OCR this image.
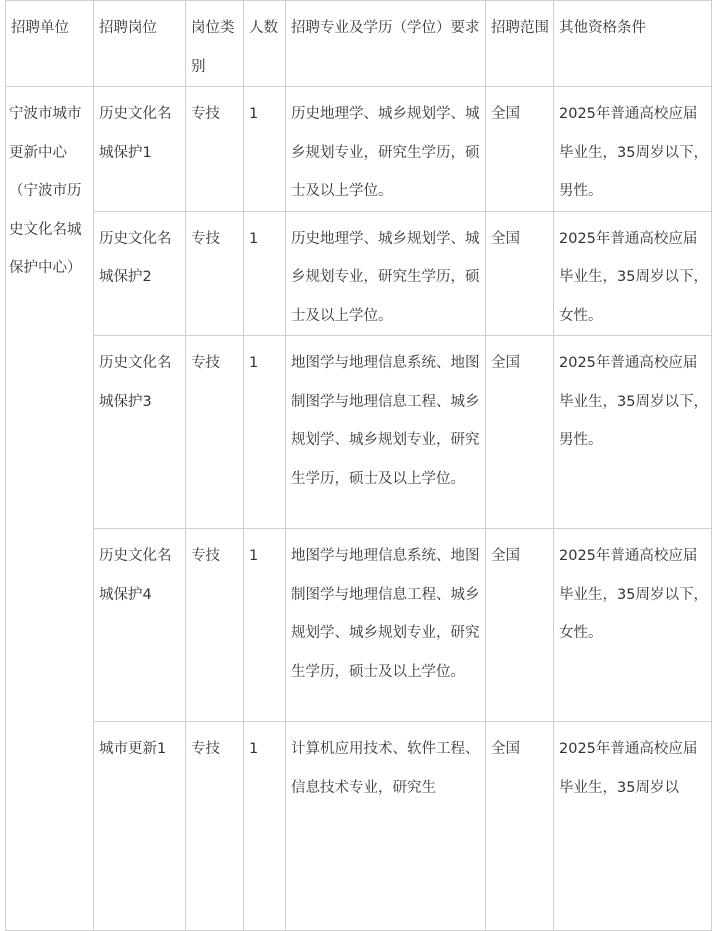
招聘单位	招聘岗位	岗位类别	人数	招聘专业及学历（学位）要求	招聘范围	其他资格条件
宁波市城市更新中心（宁波市历史文化名城保护中心）	历史文化名城保护1	专技	1	历史地理学、城乡规划学、城乡规划专业，研究生学历，硕士及以上学位。	全国	2025年普通高校应届毕业生，35周岁以下，男性。
	历史文化名城保护2	专技	1	历史地理学、城乡规划学、城乡规划专业，研究生学历，硕士及以上学位。	全国	2025年普通高校应届毕业生，35周岁以下，女性。
	历史文化名城保护3	专技	1	地图学与地理信息系统、地图制图学与地理信息工程、城乡规划学、城乡规划专业，研究生学历，硕士及以上学位。	全国	2025年普通高校应届毕业生，35周岁以下，男性。
	历史文化名城保护4	专技	1	地图学与地理信息系统、地图制图学与地理信息工程、城乡规划学、城乡规划专业，研究生学历，硕士及以上学位。	全国	2025年普通高校应届毕业生，35周岁以下，女性。
	城市更新1	专技	1	计算机应用技术、软件工程、信息技术专业，研究生	全国	2025年普通高校应届毕业生，35周岁以
